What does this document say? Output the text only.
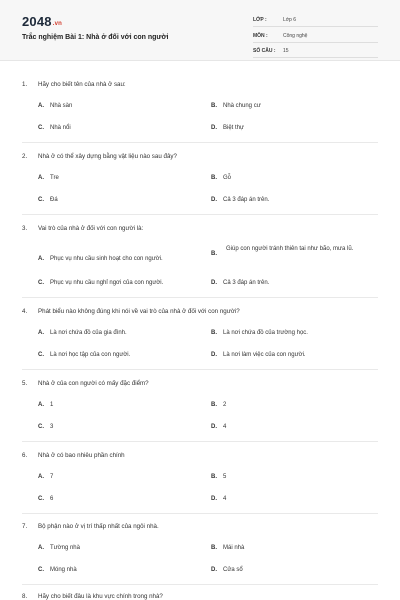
2048.vn
Trắc nghiệm Bài 1: Nhà ở đối với con người
LỚP :	Lớp 6
MÔN :	Công nghệ
SỐ CÂU : 15
1. Hãy cho biết tên của nhà ở sau:
A. Nhà sàn	B. Nhà chung cư
C. Nhà nổi	D. Biệt thự
2. Nhà ở có thể xây dựng bằng vật liệu nào sau đây?
A. Tre	B. Gỗ
C. Đá	D. Cả 3 đáp án trên.
3. Vai trò của nhà ở đối với con người là:
A. Phục vụ nhu cầu sinh hoạt cho con người.
B.
Giúp con người tránh thiên tai như bão, mưa lũ.
C. Phục vụ nhu cầu nghỉ ngơi của con người.	D. Cả 3 đáp án trên.
4. Phát biểu nào không đúng khi nói về vai trò của nhà ở đối với con người?
A. Là nơi chứa đồ của gia đình.	B. Là nơi chứa đồ của trường học.
C. Là nơi học tập của con người.	D. Là nơi làm việc của con người.
5. Nhà ở của con người có mấy đặc điểm?
A. 1	B. 2
C. 3	D. 4
6. Nhà ở có bao nhiêu phần chính
A. 7	B. 5
C. 6	D. 4
7. Bộ phận nào ở vị trí thấp nhất của ngôi nhà.
A. Tường nhà	B. Mái nhà
C. Móng nhà	D. Cửa sổ
8. Hãy cho biết đâu là khu vực chính trong nhà?
